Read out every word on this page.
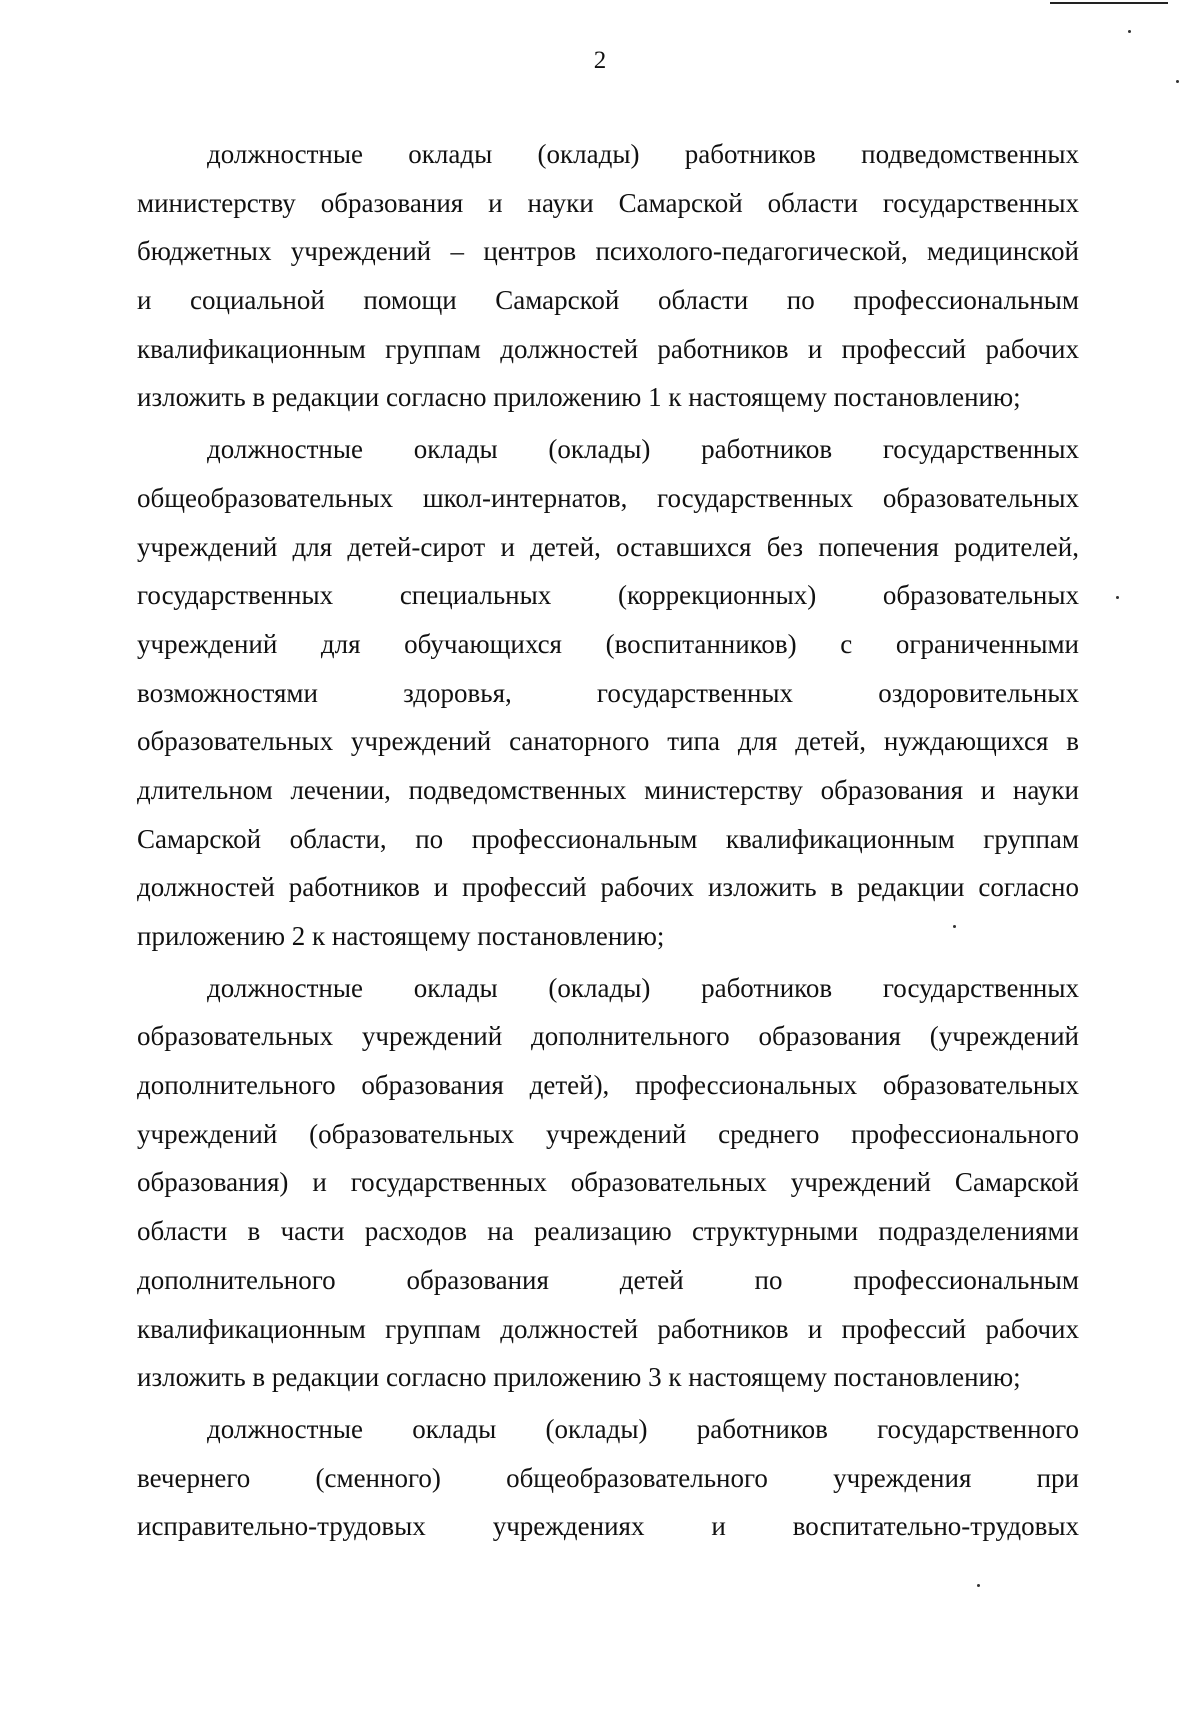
2
должностные оклады (оклады) работников подведомственных
министерству образования и науки Самарской области государственных
бюджетных учреждений – центров психолого-педагогической, медицинской
и социальной помощи Самарской области по профессиональным
квалификационным группам должностей работников и профессий рабочих
изложить в редакции согласно приложению 1 к настоящему постановлению;
должностные оклады (оклады) работников государственных
общеобразовательных школ-интернатов, государственных образовательных
учреждений для детей-сирот и детей, оставшихся без попечения родителей,
государственных специальных (коррекционных) образовательных
учреждений для обучающихся (воспитанников) с ограниченными
возможностями здоровья, государственных оздоровительных
образовательных учреждений санаторного типа для детей, нуждающихся в
длительном лечении, подведомственных министерству образования и науки
Самарской области, по профессиональным квалификационным группам
должностей работников и профессий рабочих изложить в редакции согласно
приложению 2 к настоящему постановлению;
должностные оклады (оклады) работников государственных
образовательных учреждений дополнительного образования (учреждений
дополнительного образования детей), профессиональных образовательных
учреждений (образовательных учреждений среднего профессионального
образования) и государственных образовательных учреждений Самарской
области в части расходов на реализацию структурными подразделениями
дополнительного образования детей по профессиональным
квалификационным группам должностей работников и профессий рабочих
изложить в редакции согласно приложению 3 к настоящему постановлению;
должностные оклады (оклады) работников государственного
вечернего (сменного) общеобразовательного учреждения при
исправительно-трудовых учреждениях и воспитательно-трудовых
